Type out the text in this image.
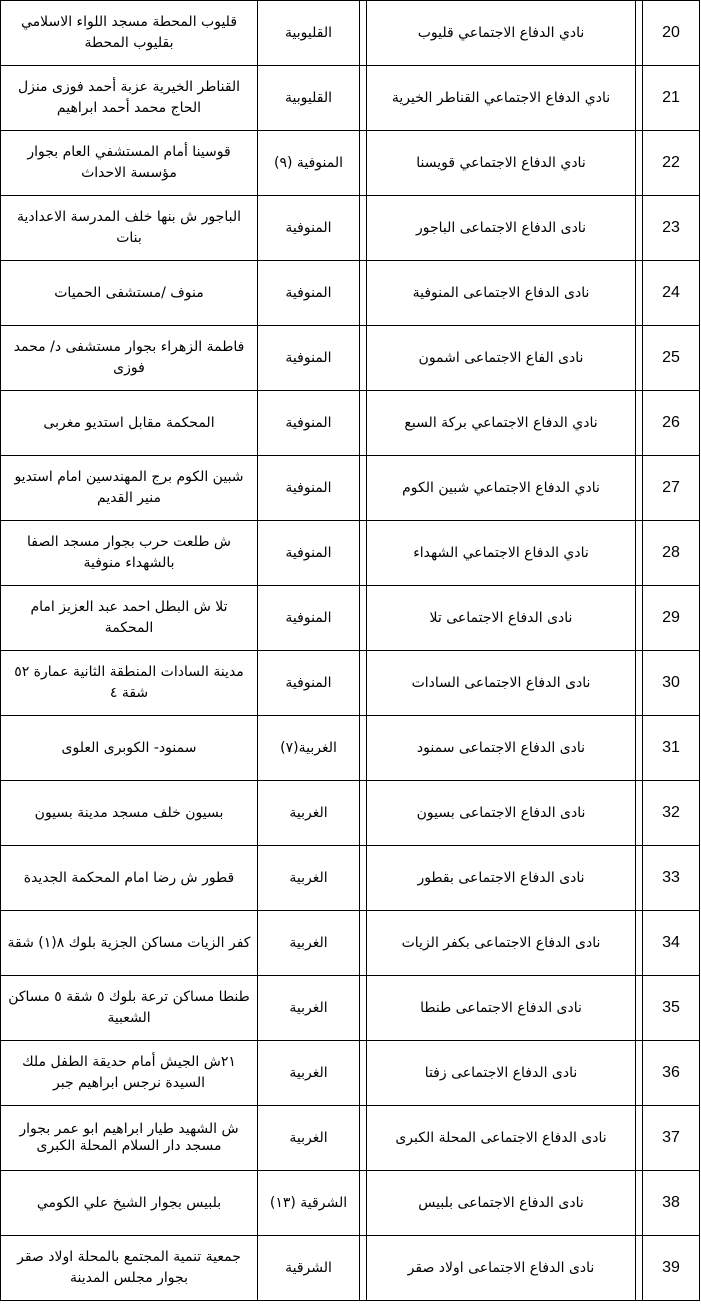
20
نادي الدفاع الاجتماعي قليوب
القليوبية
قليوب المحطة مسجد اللواء الاسلامي بقليوب المحطة
21
نادي الدفاع الاجتماعي القناطر الخيرية
القليوبية
القناطر الخيرية عزبة أحمد فوزى منزل الحاج محمد أحمد ابراهيم
22
نادي الدفاع الاجتماعي قويسنا
المنوفية (٩)
قوسينا أمام المستشفي العام بجوار مؤسسة الاحداث
23
نادى الدفاع الاجتماعى الباجور
المنوفية
الباجور ش بنها خلف المدرسة الاعدادية بنات
24
نادى الدفاع الاجتماعى المنوفية
المنوفية
منوف /مستشفى الحميات
25
نادى الفاع الاجتماعى اشمون
المنوفية
فاطمة الزهراء بجوار مستشفى د/ محمد فوزى
26
نادي الدفاع الاجتماعي بركة السبع
المنوفية
المحكمة مقابل استديو مغربى
27
نادي الدفاع الاجتماعي شبين الكوم
المنوفية
شبين الكوم برج المهندسين امام استديو منير القديم
28
نادي الدفاع الاجتماعي الشهداء
المنوفية
ش طلعت حرب بجوار مسجد الصفا بالشهداء منوفية
29
نادى الدفاع الاجتماعى تلا
المنوفية
تلا ش البطل احمد عبد العزيز امام المحكمة
30
نادى الدفاع الاجتماعى السادات
المنوفية
مدينة السادات المنطقة الثانية عمارة ٥٢ شقة ٤
31
نادى الدفاع الاجتماعى سمنود
الغربية(٧)
سمنود- الكوبرى العلوى
32
نادى الدفاع الاجتماعى بسيون
الغربية
بسيون خلف مسجد مدينة بسيون
33
نادى الدفاع الاجتماعى بقطور
الغربية
قطور ش رضا امام المحكمة الجديدة
34
نادى الدفاع الاجتماعى بكفر الزيات
الغربية
كفر الزيات مساكن الجزية بلوك ٨(١) شقة
35
نادى الدفاع الاجتماعى طنطا
الغربية
طنطا مساكن ترعة بلوك ٥ شقة ٥ مساكن الشعبية
36
نادى الدفاع الاجتماعى زفتا
الغربية
٢١ش الجيش أمام حديقة الطفل ملك السيدة نرجس ابراهيم جبر
37
نادى الدفاع الاجتماعى المحلة الكبرى
الغربية
ش الشهيد طيار ابراهيم ابو عمر بجوار مسجد دار السلام المحلة الكبرى
38
نادى الدفاع الاجتماعى بلبيس
الشرقية (١٣)
بلبيس بجوار الشيخ علي الكومي
39
نادى الدفاع الاجتماعى اولاد صقر
الشرقية
جمعية تنمية المجتمع بالمحلة اولاد صقر بجوار مجلس المدينة
